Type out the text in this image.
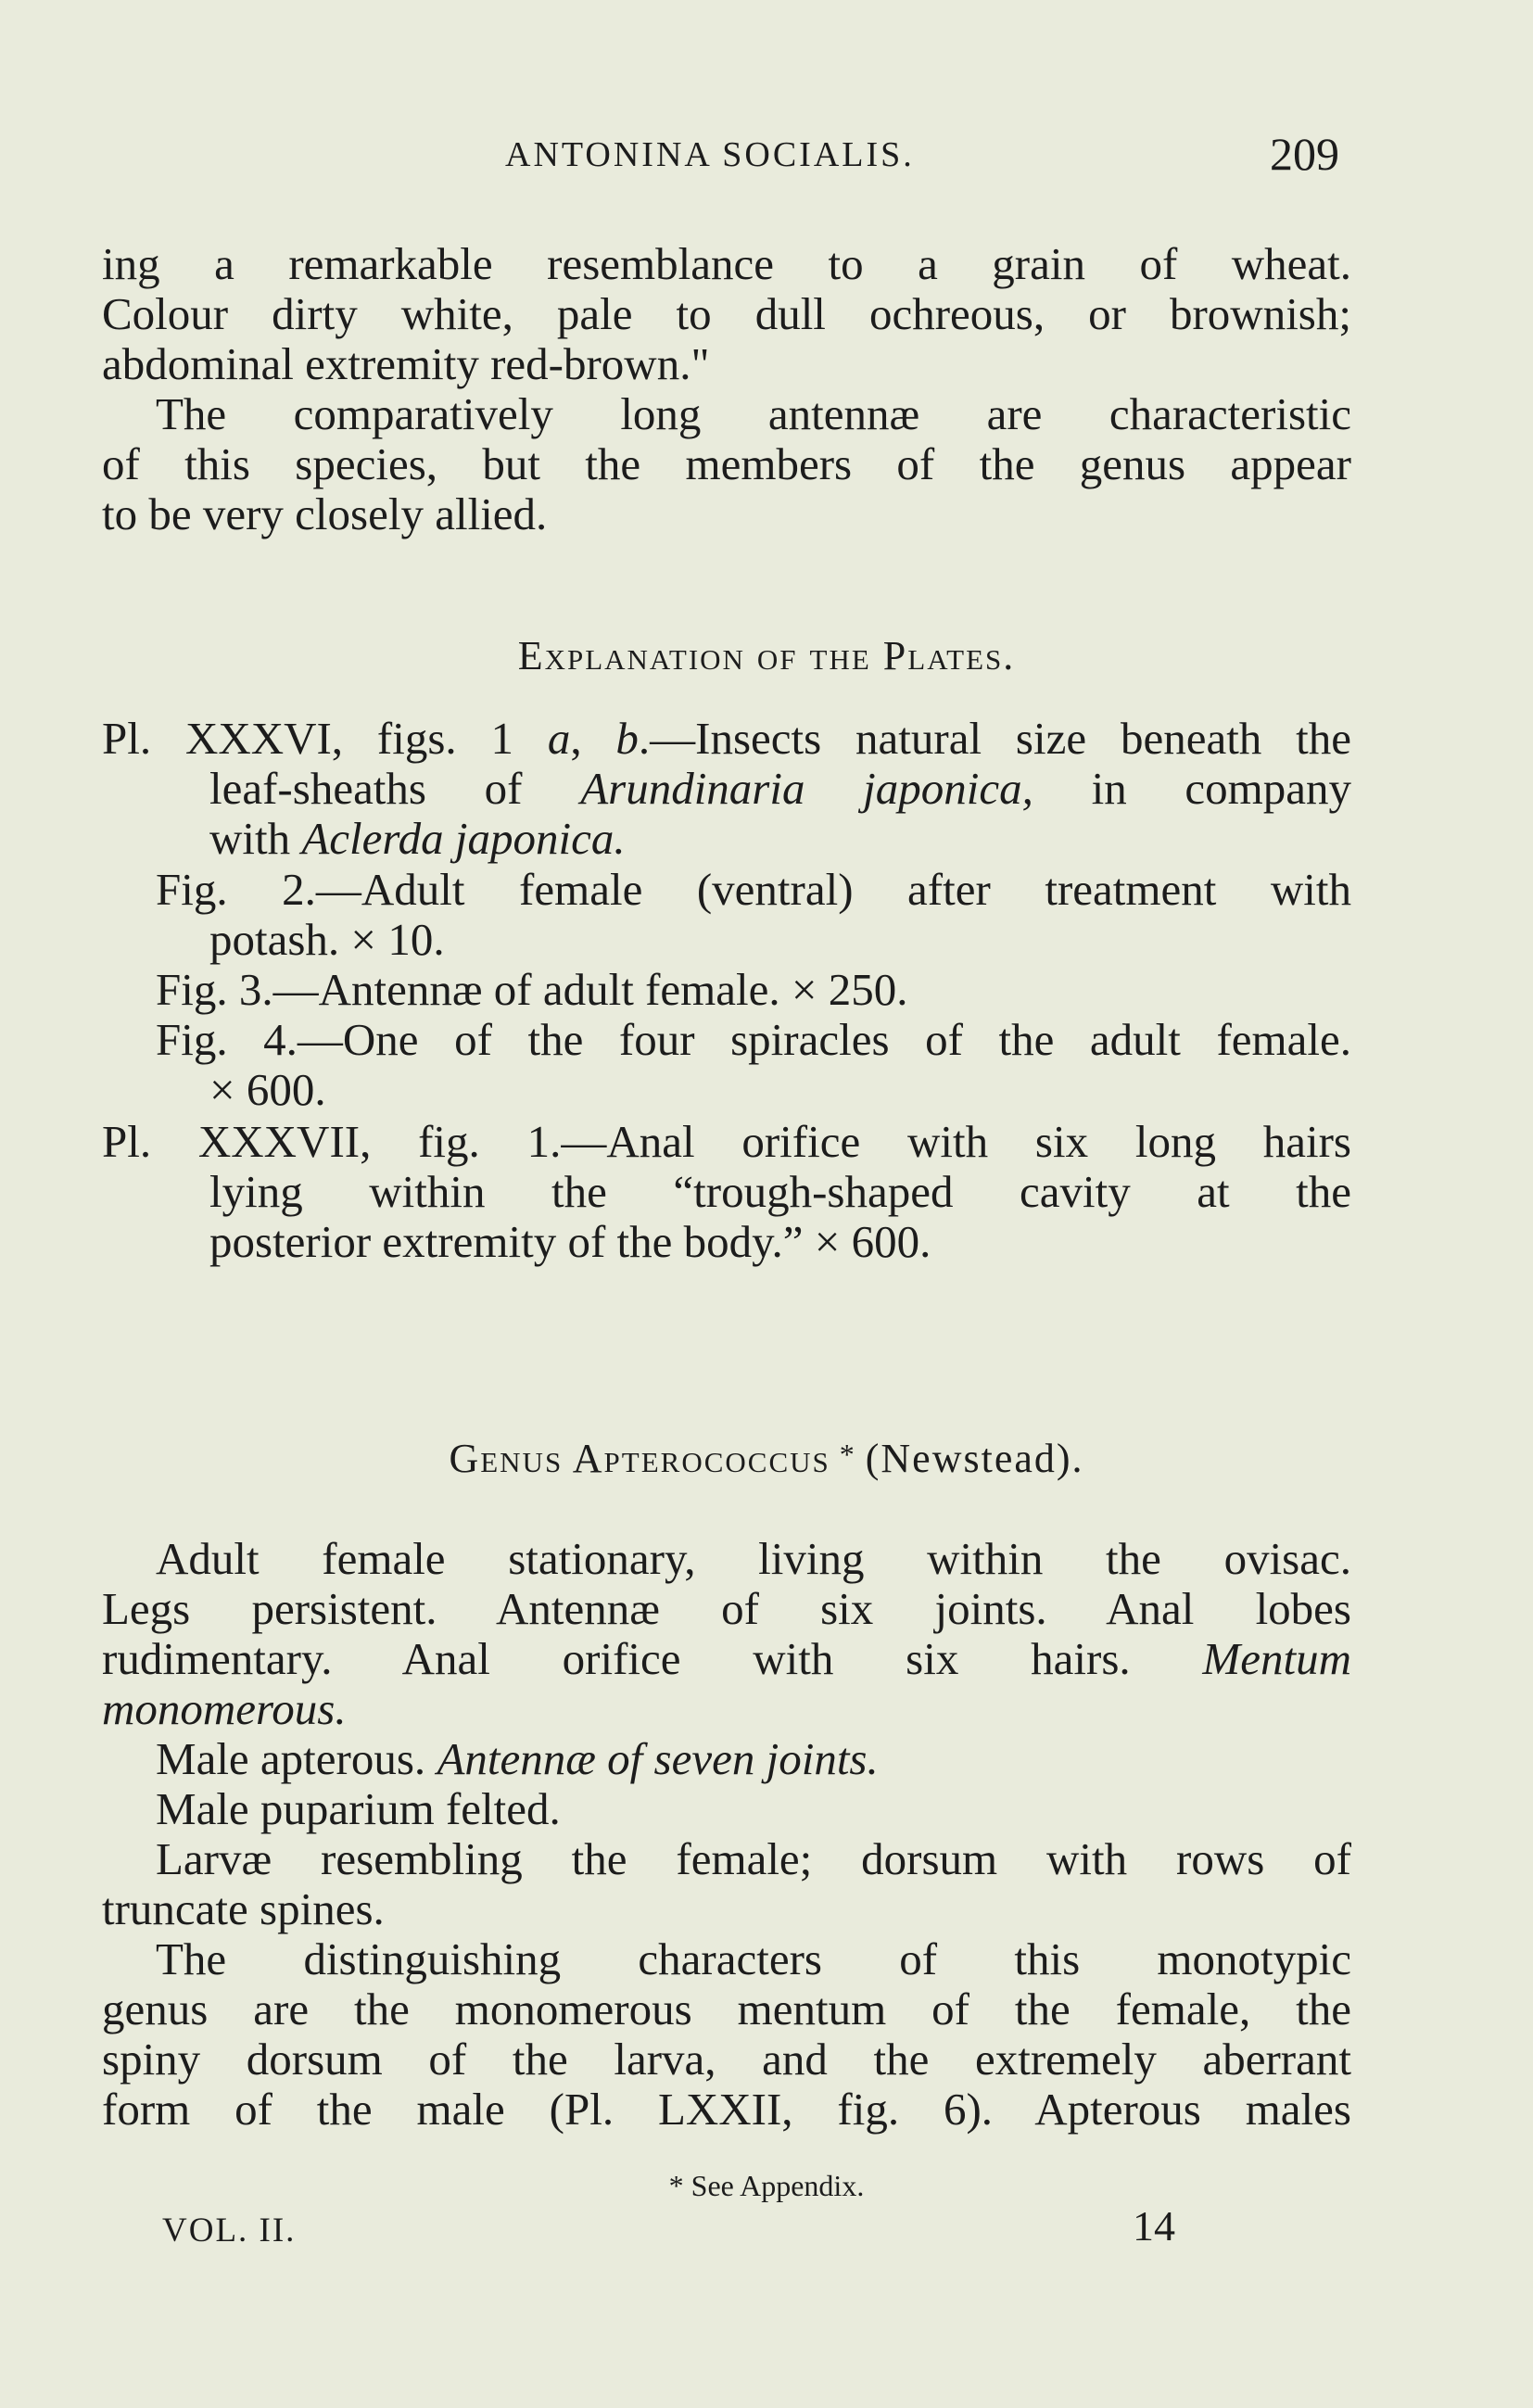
ANTONINA SOCIALIS.	209
ing a remarkable resemblance to a grain of wheat.
Colour dirty white, pale to dull ochreous, or brownish;
abdominal extremity red-brown."
The comparatively long antennæ are characteristic
of this species, but the members of the genus appear
to be very closely allied.
Explanation of the Plates.
Pl. XXXVI, figs. 1 a, b.—Insects natural size beneath the
leaf-sheaths of Arundinaria japonica, in company
with Aclerda japonica.
Fig. 2.—Adult female (ventral) after treatment with
potash. × 10.
Fig. 3.—Antennæ of adult female. × 250.
Fig. 4.—One of the four spiracles of the adult female.
× 600.
Pl. XXXVII, fig. 1.—Anal orifice with six long hairs
lying within the “trough-shaped cavity at the
posterior extremity of the body.” × 600.
Genus Apterococcus * (Newstead).
Adult female stationary, living within the ovisac.
Legs persistent. Antennæ of six joints. Anal lobes
rudimentary. Anal orifice with six hairs. Mentum
monomerous.
Male apterous. Antennæ of seven joints.
Male puparium felted.
Larvæ resembling the female; dorsum with rows of
truncate spines.
The distinguishing characters of this monotypic
genus are the monomerous mentum of the female, the
spiny dorsum of the larva, and the extremely aberrant
form of the male (Pl. LXXII, fig. 6). Apterous males
* See Appendix.
VOL. II.	14
